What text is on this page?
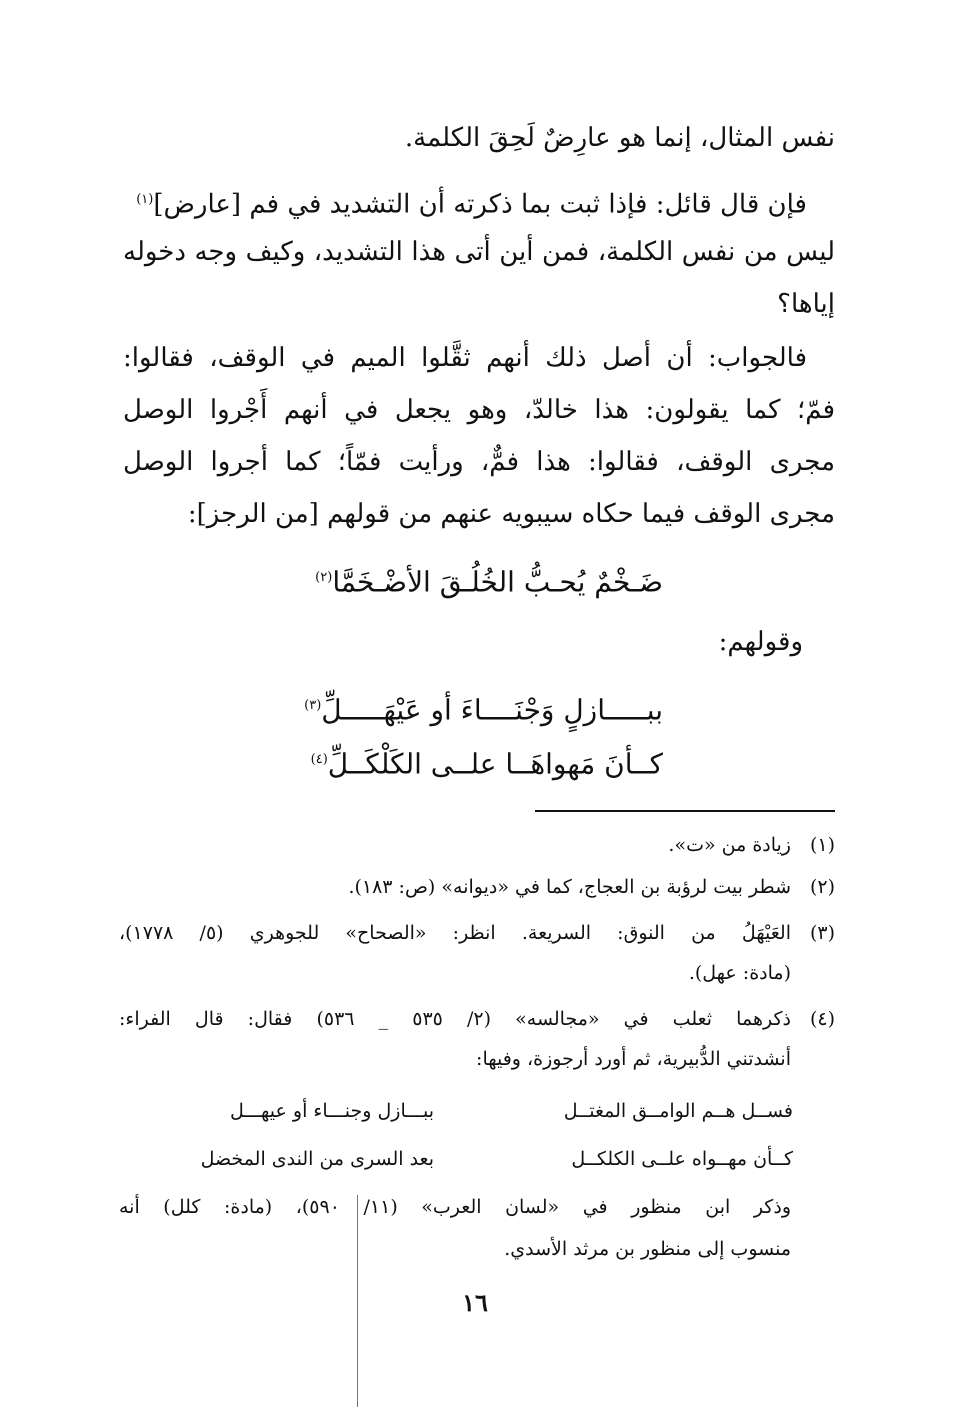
نفس المثال، إنما هو عارِضٌ لَحِقَ الكلمة.
فإن قال قائل: فإذا ثبت بما ذكرته أن التشديد في فم [عارض]$^{(١)}$
ليس من نفس الكلمة، فمن أين أتى هذا التشديد، وكيف وجه دخوله
إياها؟
فالجواب: أن أصل ذلك أنهم ثقَّلوا الميم في الوقف، فقالوا:
فمّ؛ كما يقولون: هذا خالدّ، وهو يجعل في أنهم أَجْروا الوصل
مجرى الوقف، فقالوا: هذا فمٌّ، ورأيت فمّاً؛ كما أجروا الوصل
مجرى الوقف فيما حكاه سيبويه عنهم من قولهم [من الرجز]:
ضَـخْمٌ يُحـبُّ الخُلُـقَ الأضْـخَمَّا$^{(٢)}$
وقولهم:
ببـــــازلٍ وَجْنَــــاءَ أو عَيْهَـــــلِّ$^{(٣)}$
كــأنَ مَهواهَــا علــى الكَلْكَــلِّ$^{(٤)}$
(١)
زيادة من «ت».
(٢)
شطر بيت لرؤبة بن العجاج، كما في «ديوانه» (ص: ١٨٣).
(٣)
العَيْهَلُ من النوق: السريعة. انظر: «الصحاح» للجوهري (٥/ ١٧٧٨)،
(مادة: عهل).
(٤)
ذكرهما ثعلب في «مجالسه» (٢/ ٥٣٥ _ ٥٣٦) فقال: قال الفراء:
أنشدتني الدُّبيرية، ثم أورد أرجوزة، وفيها:
فســل هــم الوامــق المغتــل
ببـــازل وجنـــاء أو عيهـــل
كــأن مهــواه علــى الكلكــل
بعد السرى من الندى المخضل
وذكر ابن منظور في «لسان العرب» (١١/ ٥٩٠)، (مادة: كلل) أنه
منسوب إلى منظور بن مرثد الأسدي.
١٦
